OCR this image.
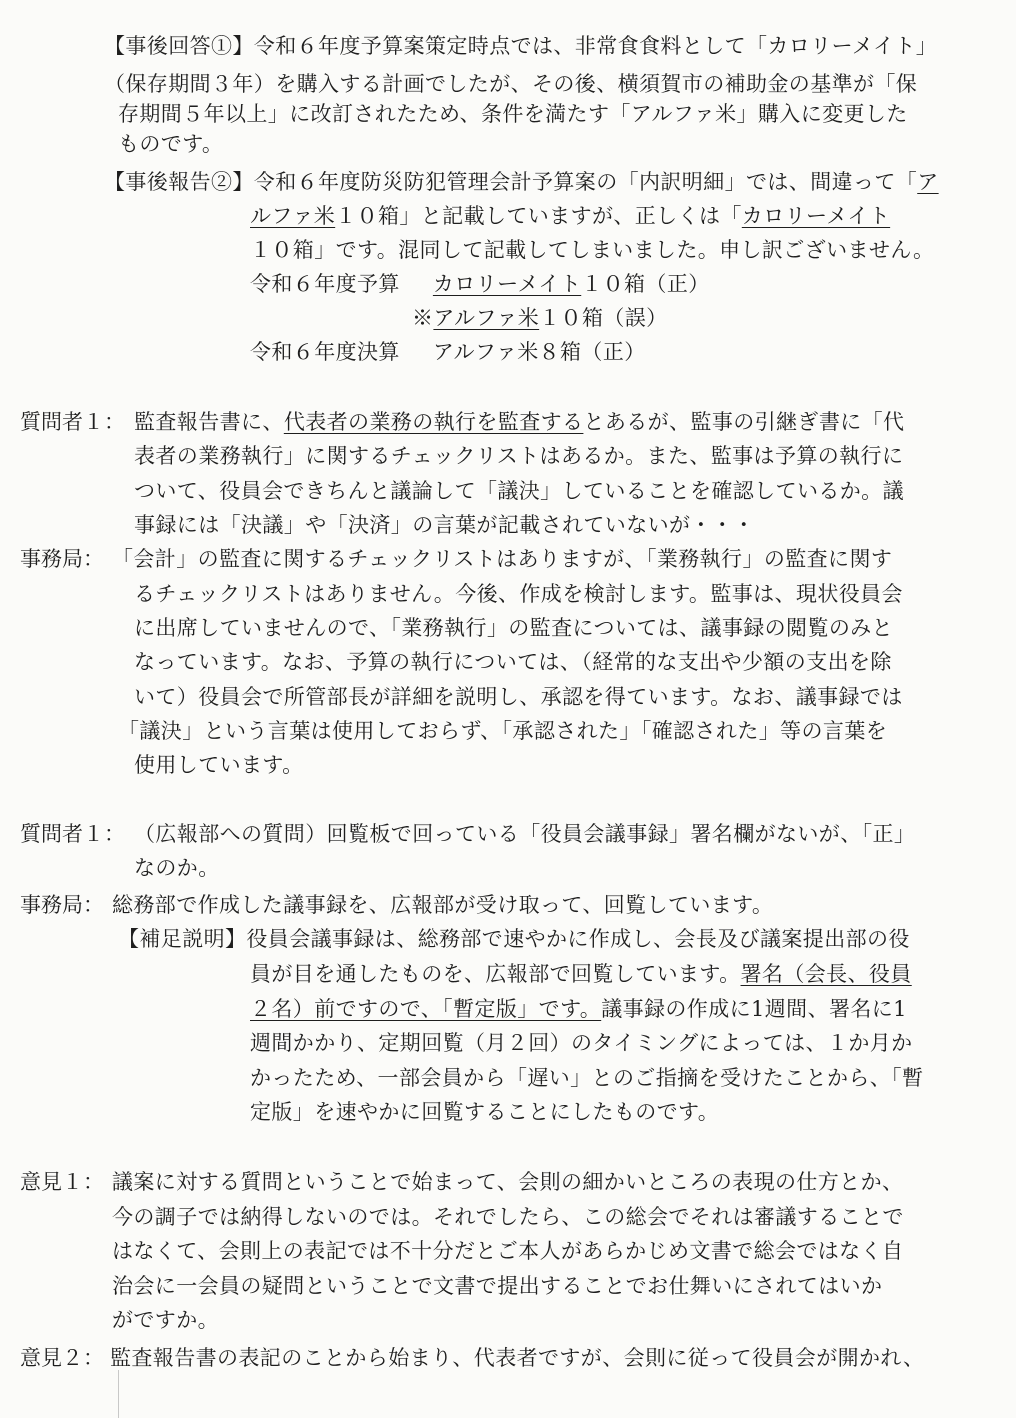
【事後回答①】令和６年度予算案策定時点では、非常食食料として「カロリーメイト」
（保存期間３年）を購入する計画でしたが、その後、横須賀市の補助金の基準が「保
存期間５年以上」に改訂されたため、条件を満たす「アルファ米」購入に変更した
ものです。
【事後報告②】令和６年度防災防犯管理会計予算案の「内訳明細」では、間違って「ア
ルファ米１０箱」と記載していますが、正しくは「カロリーメイト
１０箱」です。混同して記載してしまいました。申し訳ございません。
令和６年度予算 カロリーメイト１０箱（正）
※アルファ米１０箱（誤）
令和６年度決算 アルファ米８箱（正）
質問者１： 監査報告書に、代表者の業務の執行を監査するとあるが、監事の引継ぎ書に「代
表者の業務執行」に関するチェックリストはあるか。また、監事は予算の執行に
ついて、役員会できちんと議論して「議決」していることを確認しているか。議
事録には「決議」や「決済」の言葉が記載されていないが・・・
事務局： 「会計」の監査に関するチェックリストはありますが、「業務執行」の監査に関す
るチェックリストはありません。今後、作成を検討します。監事は、現状役員会
に出席していませんので、「業務執行」の監査については、議事録の閲覧のみと
なっています。なお、予算の執行については、（経常的な支出や少額の支出を除
いて）役員会で所管部長が詳細を説明し、承認を得ています。なお、議事録では
「議決」という言葉は使用しておらず、「承認された」「確認された」等の言葉を
使用しています。
質問者１： （広報部への質問）回覧板で回っている「役員会議事録」署名欄がないが、「正」
なのか。
事務局： 総務部で作成した議事録を、広報部が受け取って、回覧しています。
【補足説明】役員会議事録は、総務部で速やかに作成し、会長及び議案提出部の役
員が目を通したものを、広報部で回覧しています。署名（会長、役員
２名）前ですので、「暫定版」です。議事録の作成に1週間、署名に1
週間かかり、定期回覧（月２回）のタイミングによっては、１か月か
かったため、一部会員から「遅い」とのご指摘を受けたことから、「暫
定版」を速やかに回覧することにしたものです。
意見１： 議案に対する質問ということで始まって、会則の細かいところの表現の仕方とか、
今の調子では納得しないのでは。それでしたら、この総会でそれは審議することで
はなくて、会則上の表記では不十分だとご本人があらかじめ文書で総会ではなく自
治会に一会員の疑問ということで文書で提出することでお仕舞いにされてはいか
がですか。
意見２： 監査報告書の表記のことから始まり、代表者ですが、会則に従って役員会が開かれ、
